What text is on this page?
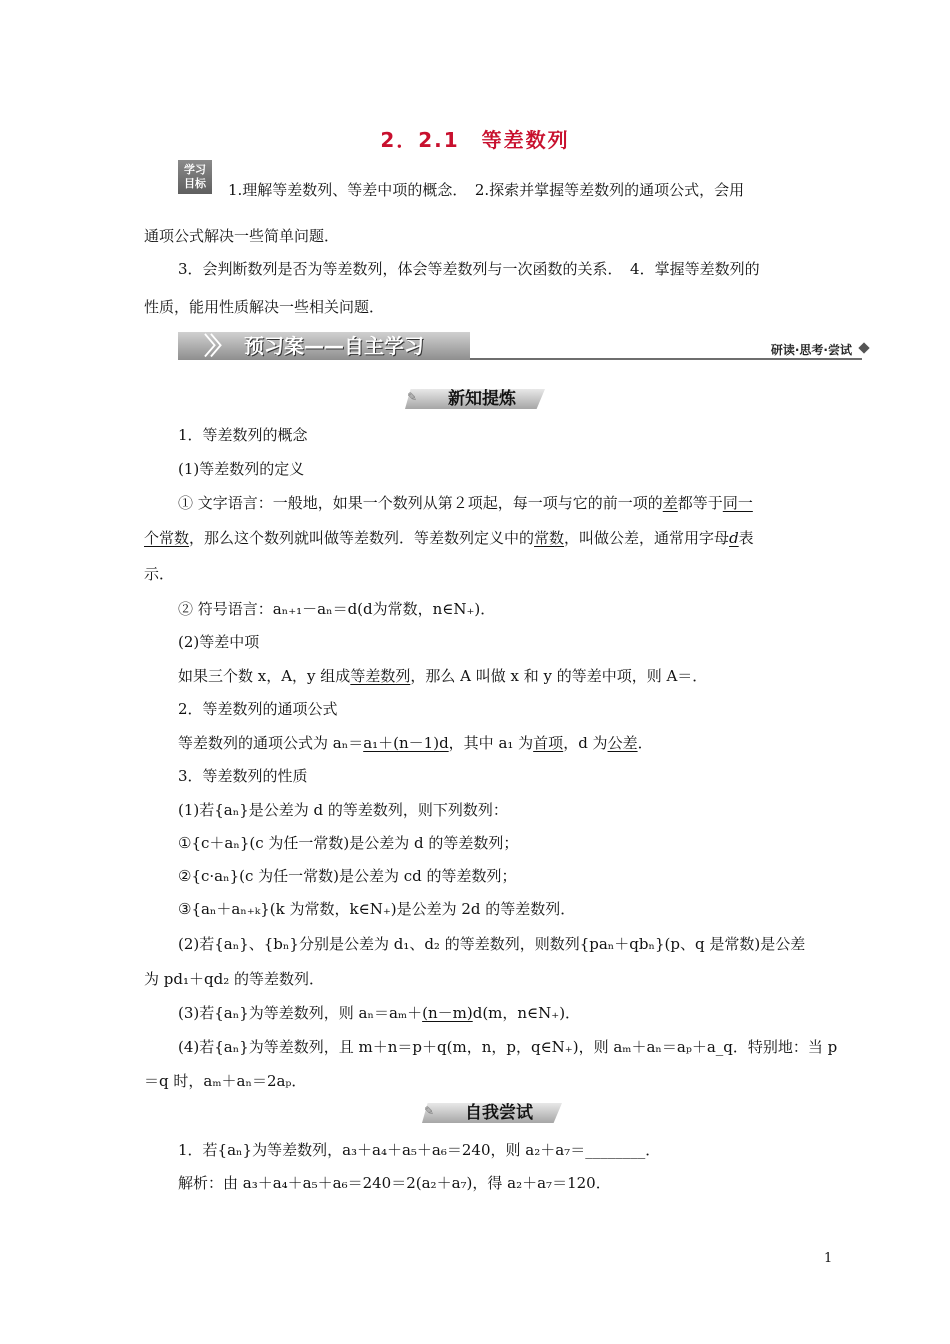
2．2.1　等差数列
学习
目标	1.理解等差数列、等差中项的概念．　2.探索并掌握等差数列的通项公式，会用
通项公式解决一些简单问题．
3．会判断数列是否为等差数列，体会等差数列与一次函数的关系．　4．掌握等差数列的
性质，能用性质解决一些相关问题．
〉〉 预习案——自主学习	研读·思考·尝试
✎	新知提炼
1．等差数列的概念
(1)等差数列的定义
① 文字语言：一般地，如果一个数列从第２项起，每一项与它的前一项的差都等于同一
个常数，那么这个数列就叫做等差数列．等差数列定义中的常数，叫做公差，通常用字母d表
示．
② 符号语言：aₙ₊₁－aₙ＝d(d为常数，n∈N₊)．
(2)等差中项
如果三个数 x，A，y 组成等差数列，那么 A 叫做 x 和 y 的等差中项，则 A＝．
2．等差数列的通项公式
等差数列的通项公式为 aₙ＝a₁＋(n－1)d，其中 a₁ 为首项，d 为公差．
3．等差数列的性质
(1)若{aₙ}是公差为 d 的等差数列，则下列数列：
①{c＋aₙ}(c 为任一常数)是公差为 d 的等差数列；
②{c·aₙ}(c 为任一常数)是公差为 cd 的等差数列；
③{aₙ＋aₙ₊ₖ}(k 为常数，k∈N₊)是公差为 2d 的等差数列．
(2)若{aₙ}、{bₙ}分别是公差为 d₁、d₂ 的等差数列，则数列{paₙ＋qbₙ}(p、q 是常数)是公差
为 pd₁＋qd₂ 的等差数列．
(3)若{aₙ}为等差数列，则 aₙ＝aₘ＋(n－m)d(m，n∈N₊)．
(4)若{aₙ}为等差数列，且 m＋n＝p＋q(m，n，p，q∈N₊)，则 aₘ＋aₙ＝aₚ＋a_q．特别地：当 p
＝q 时，aₘ＋aₙ＝2aₚ．
✎	自我尝试
1．若{aₙ}为等差数列，a₃＋a₄＋a₅＋a₆＝240，则 a₂＋a₇＝________．
解析：由 a₃＋a₄＋a₅＋a₆＝240＝2(a₂＋a₇)，得 a₂＋a₇＝120．
1
